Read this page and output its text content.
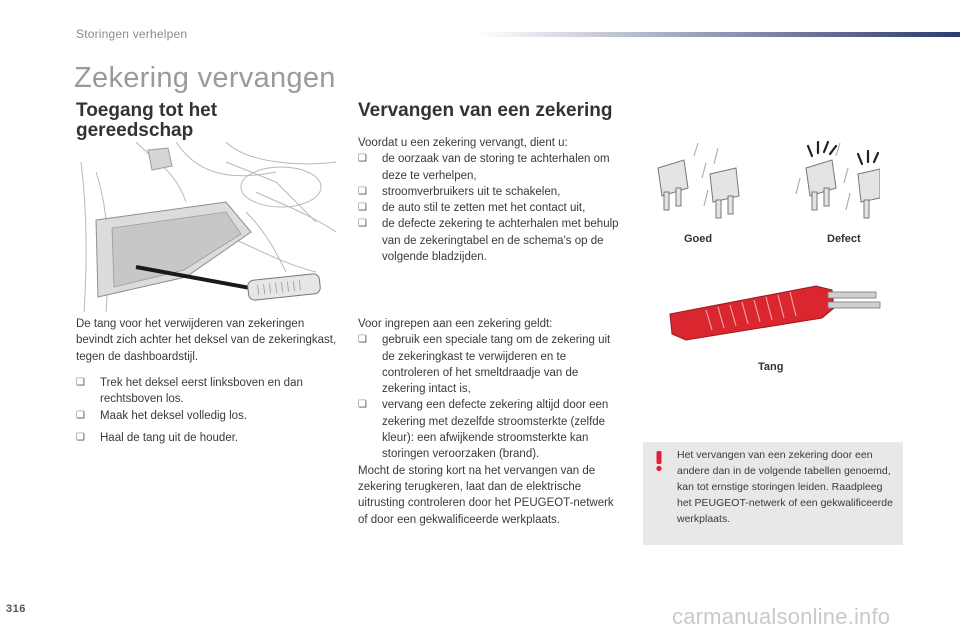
Storingen verhelpen
Zekering vervangen
Toegang tot het gereedschap

De tang voor het verwijderen van zekeringen bevindt zich achter het deksel van de zekeringkast, tegen de dashboardstijl.

❏ Trek het deksel eerst linksboven en dan rechtsboven los.
❏ Maak het deksel volledig los.
❏ Haal de tang uit de houder.
Vervangen van een zekering

Voordat u een zekering vervangt, dient u:

❏ de oorzaak van de storing te achterhalen om deze te verhelpen,
❏ stroomverbruikers uit te schakelen,
❏ de auto stil te zetten met het contact uit,
❏ de defecte zekering te achterhalen met behulp van de zekeringtabel en de schema's op de volgende bladzijden.

Voor ingrepen aan een zekering geldt:

❏ gebruik een speciale tang om de zekering uit de zekeringkast te verwijderen en te controleren of het smeltdraadje van de zekering intact is,
❏ vervang een defecte zekering altijd door een zekering met dezelfde stroomsterkte (zelfde kleur): een afwijkende stroomsterkte kan storingen veroorzaken (brand).

Mocht de storing kort na het vervangen van de zekering terugkeren, laat dan de elektrische uitrusting controleren door het PEUGEOT-netwerk of door een gekwalificeerde werkplaats.

Goed	Defect
Tang

Het vervangen van een zekering door een andere dan in de volgende tabellen genoemd, kan tot ernstige storingen leiden. Raadpleeg het PEUGEOT-netwerk of een gekwalificeerde werkplaats.

316	carmanualsonline.info
